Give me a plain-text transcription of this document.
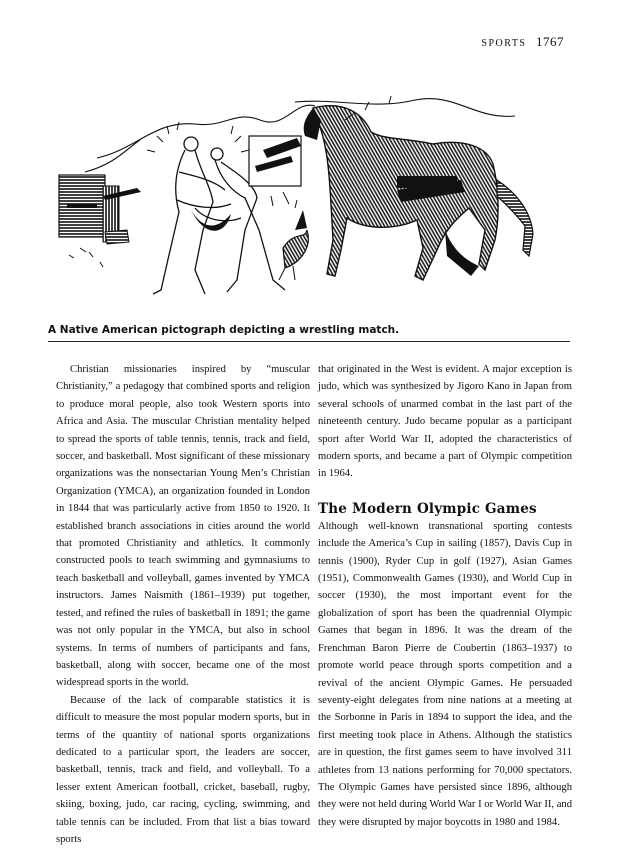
SPORTS 1767
A Native American pictograph depicting a wrestling match.

Christian missionaries inspired by “muscular Christianity,” a pedagogy that combined sports and religion to produce moral people, also took Western sports into Africa and Asia. The muscular Christian mentality helped to spread the sports of table tennis, tennis, track and field, soccer, and basketball. Most significant of these missionary organizations was the nonsectarian Young Men’s Christian Organization (YMCA), an organization founded in London in 1844 that was particularly active from 1850 to 1920. It established branch associations in cities around the world that promoted Christianity and athletics. It commonly constructed pools to teach swimming and gymnasiums to teach basketball and volleyball, games invented by YMCA instructors. James Naismith (1861–1939) put together, tested, and refined the rules of basketball in 1891; the game was not only popular in the YMCA, but also in school systems. In terms of numbers of participants and fans, basketball, along with soccer, became one of the most widespread sports in the world.

Because of the lack of comparable statistics it is difficult to measure the most popular modern sports, but in terms of the quantity of national sports organizations dedicated to a particular sport, the leaders are soccer, basketball, tennis, track and field, and volleyball. To a lesser extent American football, cricket, baseball, rugby, skiing, boxing, judo, car racing, cycling, swimming, and table tennis can be included. From that list a bias toward sports

that originated in the West is evident. A major exception is judo, which was synthesized by Jigoro Kano in Japan from several schools of unarmed combat in the last part of the nineteenth century. Judo became popular as a participant sport after World War II, adopted the characteristics of modern sports, and became a part of Olympic competition in 1964.

The Modern Olympic Games

Although well-known transnational sporting contests include the America’s Cup in sailing (1857), Davis Cup in tennis (1900), Ryder Cup in golf (1927), Asian Games (1951), Commonwealth Games (1930), and World Cup in soccer (1930), the most important event for the globalization of sport has been the quadrennial Olympic Games that began in 1896. It was the dream of the Frenchman Baron Pierre de Coubertin (1863–1937) to promote world peace through sports competition and a revival of the ancient Olympic Games. He persuaded seventy-eight delegates from nine nations at a meeting at the Sorbonne in Paris in 1894 to support the idea, and the first meeting took place in Athens. Although the statistics are in question, the first games seem to have involved 311 athletes from 13 nations performing for 70,000 spectators. The Olympic Games have persisted since 1896, although they were not held during World War I or World War II, and they were disrupted by major boycotts in 1980 and 1984.
